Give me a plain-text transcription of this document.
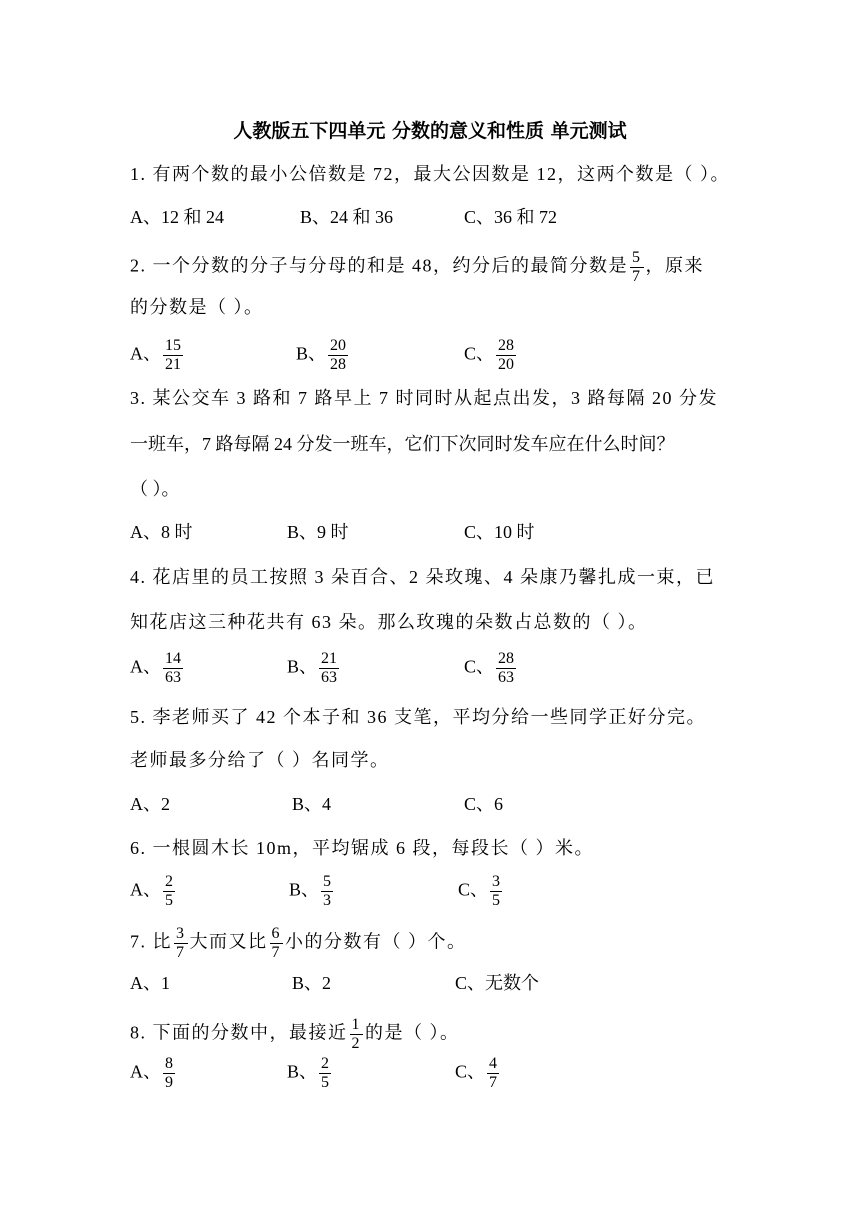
人教版五下四单元 分数的意义和性质 单元测试
1. 有两个数的最小公倍数是 72，最大公因数是 12，这两个数是（ ）。
A、12 和 24	B、24 和 36	C、36 和 72
2. 一个分数的分子与分母的和是 48，约分后的最简分数是 $\frac{5}{7}$ ，原来
的分数是（ ）。
A、 $\frac{15}{21}$	B、 $\frac{20}{28}$	C、 $\frac{28}{20}$
3. 某公交车 3 路和 7 路早上 7 时同时从起点出发，3 路每隔 20 分发
一班车，7 路每隔 24 分发一班车，它们下次同时发车应在什么时间？
（ ）。
A、8 时	B、9 时	C、10 时
4. 花店里的员工按照 3 朵百合、2 朵玫瑰、4 朵康乃馨扎成一束，已
知花店这三种花共有 63 朵。那么玫瑰的朵数占总数的（ ）。
A、 $\frac{14}{63}$	B、 $\frac{21}{63}$	C、 $\frac{28}{63}$
5. 李老师买了 42 个本子和 36 支笔，平均分给一些同学正好分完。
老师最多分给了（ ）名同学。
A、2	B、4	C、6
6. 一根圆木长 10m，平均锯成 6 段，每段长（ ）米。
A、 $\frac{2}{5}$	B、 $\frac{5}{3}$	C、 $\frac{3}{5}$
7. 比 $\frac{3}{7}$ 大而又比 $\frac{6}{7}$ 小的分数有（ ）个。
A、1	B、2	C、无数个
8. 下面的分数中，最接近 $\frac{1}{2}$ 的是（ ）。
A、 $\frac{8}{9}$	B、 $\frac{2}{5}$	C、 $\frac{4}{7}$
